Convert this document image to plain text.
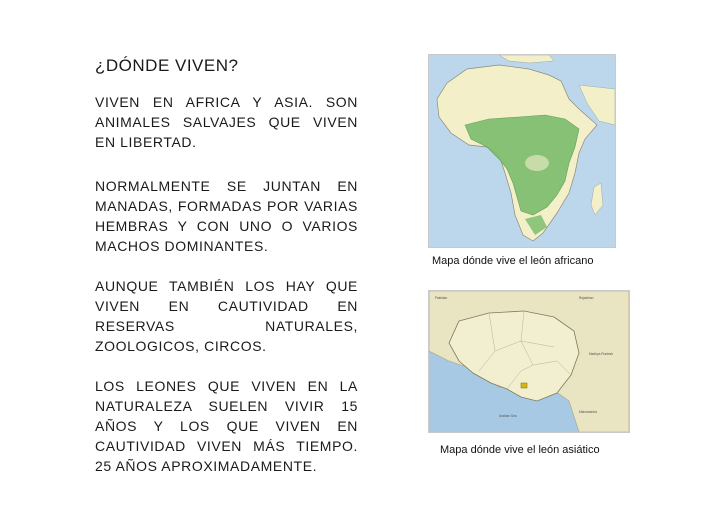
¿DÓNDE VIVEN?
VIVEN EN AFRICA Y ASIA. SON ANIMALES SALVAJES QUE VIVEN EN LIBERTAD.
NORMALMENTE SE JUNTAN EN MANADAS, FORMADAS POR VARIAS HEMBRAS Y CON UNO O VARIOS MACHOS DOMINANTES.
AUNQUE TAMBIÉN LOS HAY QUE VIVEN EN CAUTIVIDAD EN RESERVAS NATURALES, ZOOLOGICOS, CIRCOS.
LOS LEONES QUE VIVEN EN LA NATURALEZA SUELEN VIVIR 15 AÑOS Y LOS QUE VIVEN EN CAUTIVIDAD VIVEN MÁS TIEMPO. 25 AÑOS APROXIMADAMENTE.
Mapa dónde vive el león africano
Pakistan	Rajasthan
Madhya Pradesh
Arabian Sea
Maharashtra
Mapa dónde vive el león asiático
